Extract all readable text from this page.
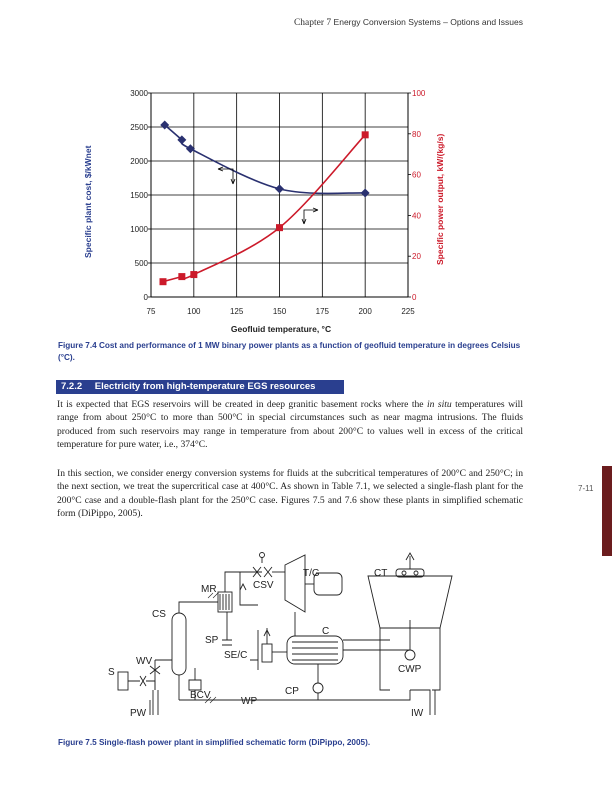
Chapter 7 Energy Conversion Systems – Options and Issues
0
500
1000
1500
2000
2500
3000
0
20
40
60
80
100
75	100	125	150	175	200	225
Specific plant cost, $/kWnet	Specific power output, kW/(kg/s)
Geofluid temperature, °C
Figure 7.4 Cost and performance of 1 MW binary power plants as a function of geofluid temperature in degrees Celsius (°C).
7.2.2 Electricity from high-temperature EGS resources

It is expected that EGS reservoirs will be created in deep granitic basement rocks where the in situ temperatures will range from about 250°C to more than 500°C in special circumstances such as near magma intrusions. The fluids produced from such reservoirs may range in temperature from about 200°C to values well in excess of the critical temperature for pure water, i.e., 374°C.

In this section, we consider energy conversion systems for fluids at the subcritical temperatures of 200°C and 250°C; in the next section, we treat the supercritical case at 400°C. As shown in Table 7.1, we selected a single-flash plant for the 200°C case and a double-flash plant for the 250°C case. Figures 7.5 and 7.6 show these plants in simplified schematic form (DiPippo, 2005).

7-11
MR	CSV
T/G	CT
CS
SP
C
SE/C
WV
S	CWP
BCV	CP
WP
PW	IW
Figure 7.5 Single-flash power plant in simplified schematic form (DiPippo, 2005).
